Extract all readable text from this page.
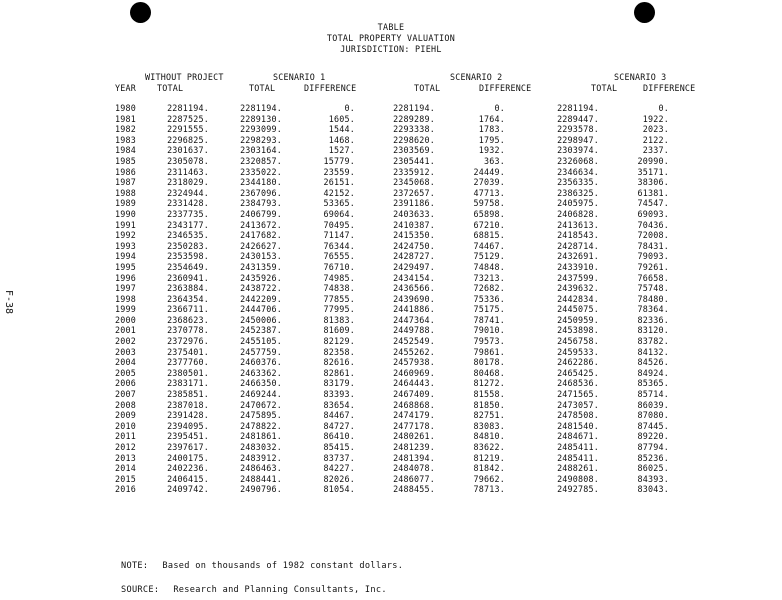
F-38
TABLE
TOTAL PROPERTY VALUATION
JURISDICTION: PIEHL
WITHOUT PROJECT	SCENARIO 1	SCENARIO 2	SCENARIO 3
YEAR	TOTAL	TOTAL	DIFFERENCE	TOTAL	DIFFERENCE	TOTAL	DIFFERENCE
1980	2281194.	2281194.	0.	2281194.	0.	2281194.	0.
1981	2287525.	2289130.	1605.	2289289.	1764.	2289447.	1922.
1982	2291555.	2293099.	1544.	2293338.	1783.	2293578.	2023.
1983	2296825.	2298293.	1468.	2298620.	1795.	2298947.	2122.
1984	2301637.	2303164.	1527.	2303569.	1932.	2303974.	2337.
1985	2305078.	2320857.	15779.	2305441.	363.	2326068.	20990.
1986	2311463.	2335022.	23559.	2335912.	24449.	2346634.	35171.
1987	2318029.	2344180.	26151.	2345068.	27039.	2356335.	38306.
1988	2324944.	2367096.	42152.	2372657.	47713.	2386325.	61381.
1989	2331428.	2384793.	53365.	2391186.	59758.	2405975.	74547.
1990	2337735.	2406799.	69064.	2403633.	65898.	2406828.	69093.
1991	2343177.	2413672.	70495.	2410387.	67210.	2413613.	70436.
1992	2346535.	2417682.	71147.	2415350.	68815.	2418543.	72008.
1993	2350283.	2426627.	76344.	2424750.	74467.	2428714.	78431.
1994	2353598.	2430153.	76555.	2428727.	75129.	2432691.	79093.
1995	2354649.	2431359.	76710.	2429497.	74848.	2433910.	79261.
1996	2360941.	2435926.	74985.	2434154.	73213.	2437599.	76658.
1997	2363884.	2438722.	74838.	2436566.	72682.	2439632.	75748.
1998	2364354.	2442209.	77855.	2439690.	75336.	2442834.	78480.
1999	2366711.	2444706.	77995.	2441886.	75175.	2445075.	78364.
2000	2368623.	2450006.	81383.	2447364.	78741.	2450959.	82336.
2001	2370778.	2452387.	81609.	2449788.	79010.	2453898.	83120.
2002	2372976.	2455105.	82129.	2452549.	79573.	2456758.	83782.
2003	2375401.	2457759.	82358.	2455262.	79861.	2459533.	84132.
2004	2377760.	2460376.	82616.	2457938.	80178.	2462286.	84526.
2005	2380501.	2463362.	82861.	2460969.	80468.	2465425.	84924.
2006	2383171.	2466350.	83179.	2464443.	81272.	2468536.	85365.
2007	2385851.	2469244.	83393.	2467409.	81558.	2471565.	85714.
2008	2387018.	2470672.	83654.	2468868.	81850.	2473057.	86039.
2009	2391428.	2475895.	84467.	2474179.	82751.	2478508.	87080.
2010	2394095.	2478822.	84727.	2477178.	83083.	2481540.	87445.
2011	2395451.	2481861.	86410.	2480261.	84810.	2484671.	89220.
2012	2397617.	2483032.	85415.	2481239.	83622.	2485411.	87794.
2013	2400175.	2483912.	83737.	2481394.	81219.	2485411.	85236.
2014	2402236.	2486463.	84227.	2484078.	81842.	2488261.	86025.
2015	2406415.	2488441.	82026.	2486077.	79662.	2490808.	84393.
2016	2409742.	2490796.	81054.	2488455.	78713.	2492785.	83043.
NOTE: Based on thousands of 1982 constant dollars.
SOURCE: Research and Planning Consultants, Inc.
